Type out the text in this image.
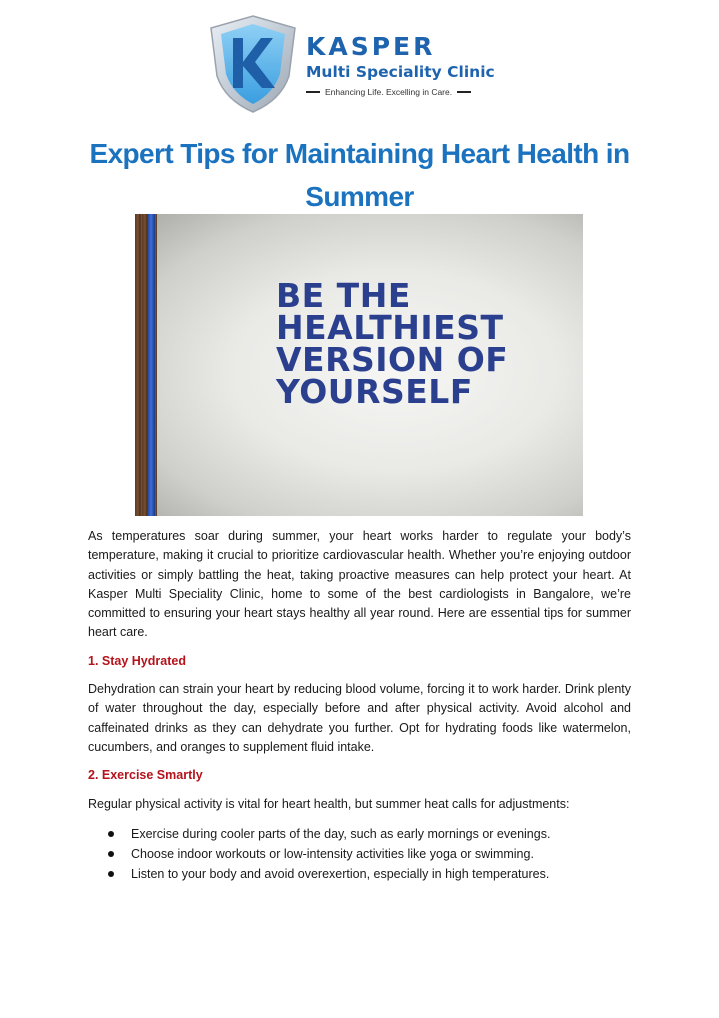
KASPER
Multi Speciality Clinic
Enhancing Life. Excelling in Care.
Expert Tips for Maintaining Heart Health in Summer
BE THE
HEALTHIEST
VERSION OF
YOURSELF

As temperatures soar during summer, your heart works harder to regulate your body’s temperature, making it crucial to prioritize cardiovascular health. Whether you’re enjoying outdoor activities or simply battling the heat, taking proactive measures can help protect your heart. At Kasper Multi Speciality Clinic, home to some of the best cardiologists in Bangalore, we’re committed to ensuring your heart stays healthy all year round. Here are essential tips for summer heart care.

1. Stay Hydrated

Dehydration can strain your heart by reducing blood volume, forcing it to work harder. Drink plenty of water throughout the day, especially before and after physical activity. Avoid alcohol and caffeinated drinks as they can dehydrate you further. Opt for hydrating foods like watermelon, cucumbers, and oranges to supplement fluid intake.

2. Exercise Smartly

Regular physical activity is vital for heart health, but summer heat calls for adjustments:

Exercise during cooler parts of the day, such as early mornings or evenings.
Choose indoor workouts or low-intensity activities like yoga or swimming.
Listen to your body and avoid overexertion, especially in high temperatures.
